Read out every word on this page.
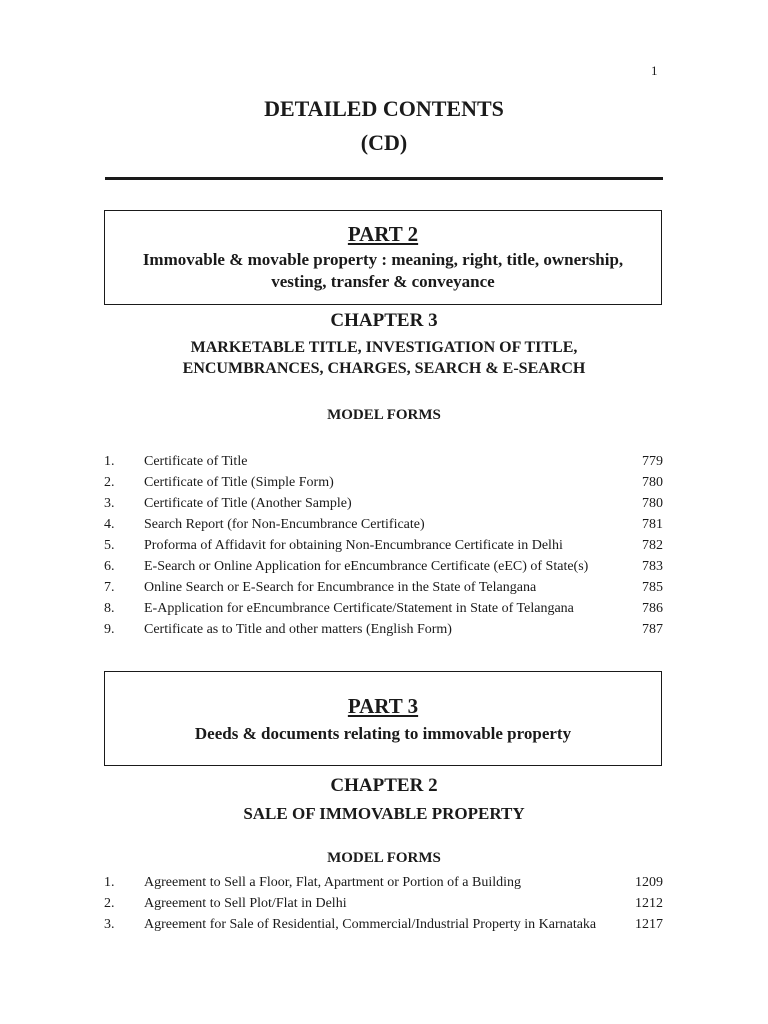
1
DETAILED CONTENTS
(CD)
PART 2
Immovable & movable property : meaning, right, title, ownership, vesting, transfer & conveyance
CHAPTER 3
MARKETABLE TITLE, INVESTIGATION OF TITLE,
ENCUMBRANCES, CHARGES, SEARCH & E-SEARCH
MODEL FORMS
1. Certificate of Title	779
2. Certificate of Title (Simple Form)	780
3. Certificate of Title (Another Sample)	780
4. Search Report (for Non-Encumbrance Certificate)	781
5. Proforma of Affidavit for obtaining Non-Encumbrance Certificate in Delhi	782
6. E-Search or Online Application for eEncumbrance Certificate (eEC) of State(s)	783
7. Online Search or E-Search for Encumbrance in the State of Telangana	785
8. E-Application for eEncumbrance Certificate/Statement in State of Telangana	786
9. Certificate as to Title and other matters (English Form)	787
PART 3
Deeds & documents relating to immovable property
CHAPTER 2
SALE OF IMMOVABLE PROPERTY
MODEL FORMS
1. Agreement to Sell a Floor, Flat, Apartment or Portion of a Building	1209
2. Agreement to Sell Plot/Flat in Delhi	1212
3. Agreement for Sale of Residential, Commercial/Industrial Property in Karnataka	1217
